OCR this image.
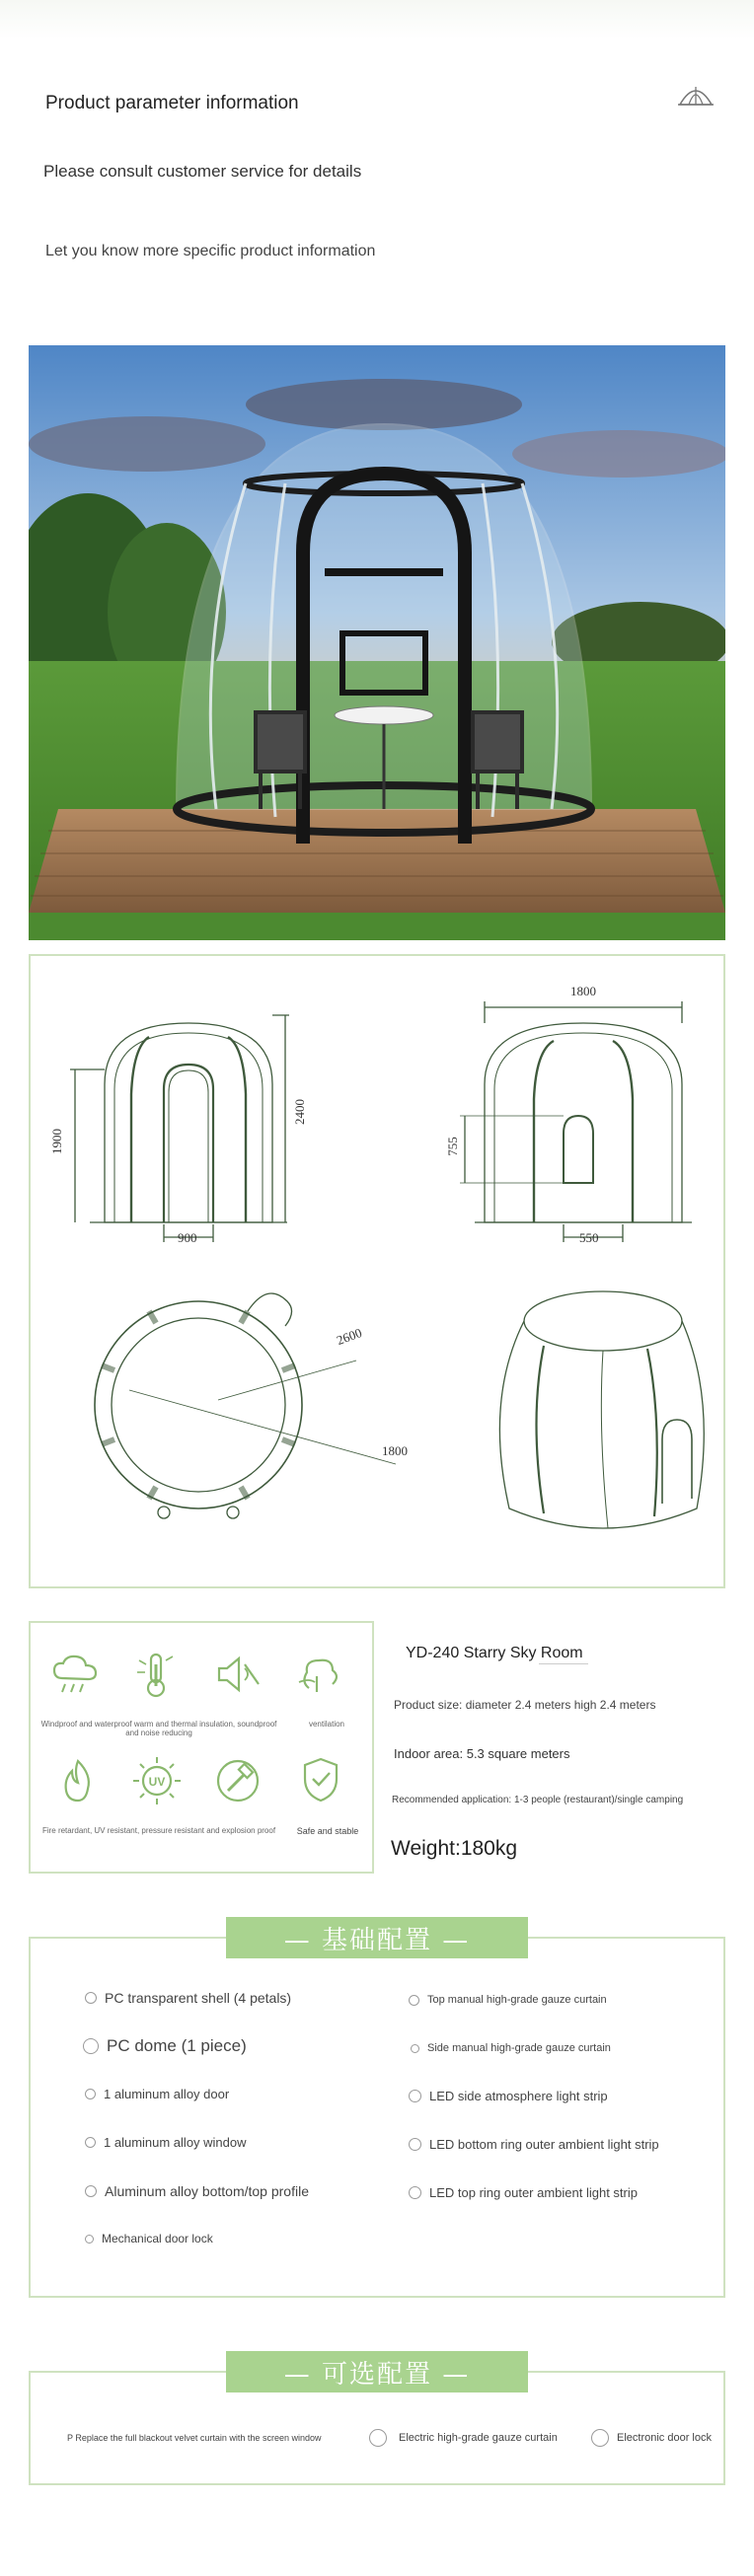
Product parameter information
Please consult customer service for details
Let you know more specific product information
1900
2400
900
1800
755
550
2600
1800
Windproof and waterproof warm and thermal insulation, soundproof and noise reducing
ventilation
UV
Fire retardant, UV resistant, pressure resistant and explosion proof	Safe and stable
YD-240 Starry Sky Room
Product size: diameter 2.4 meters high 2.4 meters
Indoor area: 5.3 square meters
Recommended application: 1-3 people (restaurant)/single camping
Weight:180kg
— 基础配置 —
PC transparent shell (4 petals)
PC dome (1 piece)
1 aluminum alloy door
1 aluminum alloy window
Aluminum alloy bottom/top profile
Mechanical door lock
Top manual high-grade gauze curtain
Side manual high-grade gauze curtain
LED side atmosphere light strip
LED bottom ring outer ambient light strip
LED top ring outer ambient light strip
— 可选配置 —
P Replace the full blackout velvet curtain with the screen window	Electric high-grade gauze curtain	Electronic door lock
